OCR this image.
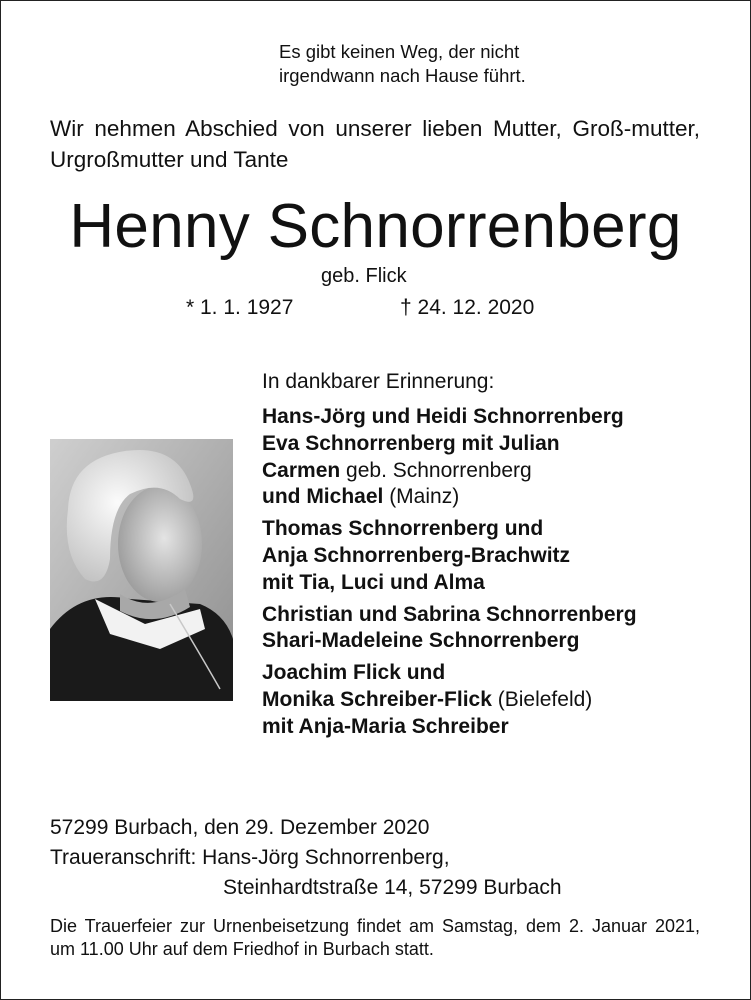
Es gibt keinen Weg, der nicht
irgendwann nach Hause führt.
Wir nehmen Abschied von unserer lieben Mutter, Groß-mutter, Urgroßmutter und Tante
Henny Schnorrenberg
geb. Flick
* 1. 1. 1927	† 24. 12. 2020
In dankbarer Erinnerung:
Hans-Jörg und Heidi Schnorrenberg
Eva Schnorrenberg mit Julian
Carmen geb. Schnorrenberg
und Michael (Mainz)
Thomas Schnorrenberg und
Anja Schnorrenberg-Brachwitz
mit Tia, Luci und Alma
Christian und Sabrina Schnorrenberg
Shari-Madeleine Schnorrenberg
Joachim Flick und
Monika Schreiber-Flick (Bielefeld)
mit Anja-Maria Schreiber
57299 Burbach, den 29. Dezember 2020
Traueranschrift: Hans-Jörg Schnorrenberg,
Steinhardtstraße 14, 57299 Burbach
Die Trauerfeier zur Urnenbeisetzung findet am Samstag, dem 2. Januar 2021, um 11.00 Uhr auf dem Friedhof in Burbach statt.
